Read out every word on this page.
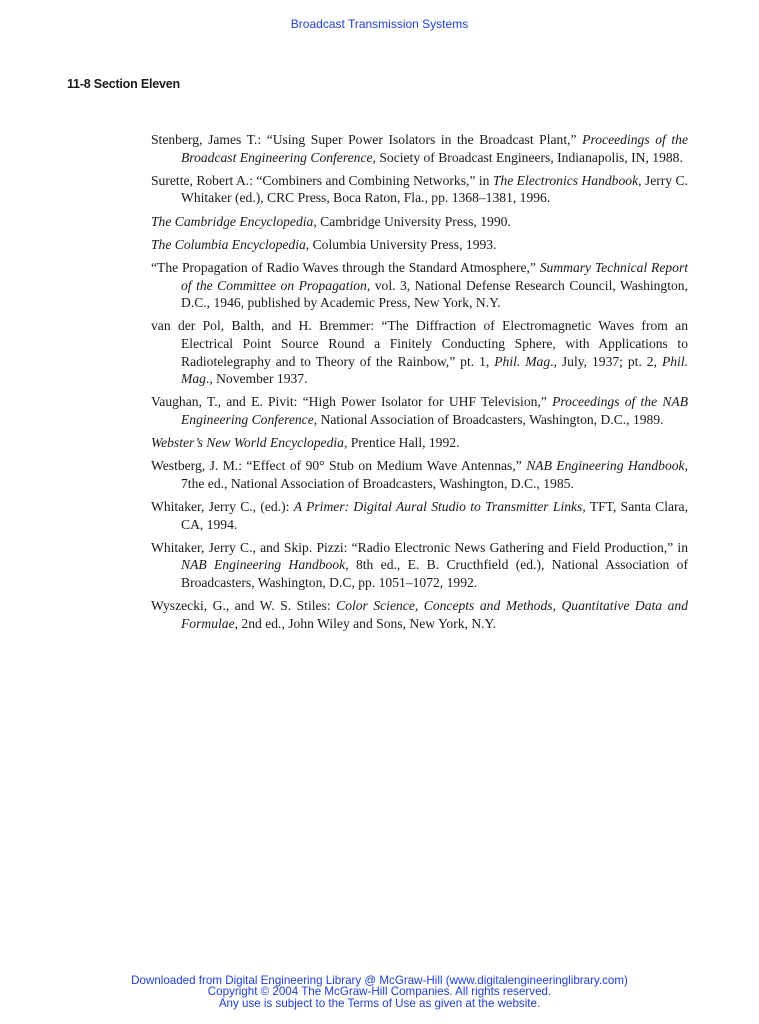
Broadcast Transmission Systems
11-8 Section Eleven
Stenberg, James T.: “Using Super Power Isolators in the Broadcast Plant,” Proceedings of the Broadcast Engineering Conference, Society of Broadcast Engineers, Indianapolis, IN, 1988.
Surette, Robert A.: “Combiners and Combining Networks,” in The Electronics Handbook, Jerry C. Whitaker (ed.), CRC Press, Boca Raton, Fla., pp. 1368–1381, 1996.
The Cambridge Encyclopedia, Cambridge University Press, 1990.
The Columbia Encyclopedia, Columbia University Press, 1993.
“The Propagation of Radio Waves through the Standard Atmosphere,” Summary Technical Report of the Committee on Propagation, vol. 3, National Defense Research Council, Washington, D.C., 1946, published by Academic Press, New York, N.Y.
van der Pol, Balth, and H. Bremmer: “The Diffraction of Electromagnetic Waves from an Electrical Point Source Round a Finitely Conducting Sphere, with Applications to Radiotelegraphy and to Theory of the Rainbow,” pt. 1, Phil. Mag., July, 1937; pt. 2, Phil. Mag., November 1937.
Vaughan, T., and E. Pivit: “High Power Isolator for UHF Television,” Proceedings of the NAB Engineering Conference, National Association of Broadcasters, Washington, D.C., 1989.
Webster’s New World Encyclopedia, Prentice Hall, 1992.
Westberg, J. M.: “Effect of 90° Stub on Medium Wave Antennas,” NAB Engineering Handbook, 7the ed., National Association of Broadcasters, Washington, D.C., 1985.
Whitaker, Jerry C., (ed.): A Primer: Digital Aural Studio to Transmitter Links, TFT, Santa Clara, CA, 1994.
Whitaker, Jerry C., and Skip. Pizzi: “Radio Electronic News Gathering and Field Production,” in NAB Engineering Handbook, 8th ed., E. B. Cructhfield (ed.), National Association of Broadcasters, Washington, D.C, pp. 1051–1072, 1992.
Wyszecki, G., and W. S. Stiles: Color Science, Concepts and Methods, Quantitative Data and Formulae, 2nd ed., John Wiley and Sons, New York, N.Y.
Downloaded from Digital Engineering Library @ McGraw-Hill (www.digitalengineeringlibrary.com)
Copyright © 2004 The McGraw-Hill Companies. All rights reserved.
Any use is subject to the Terms of Use as given at the website.
